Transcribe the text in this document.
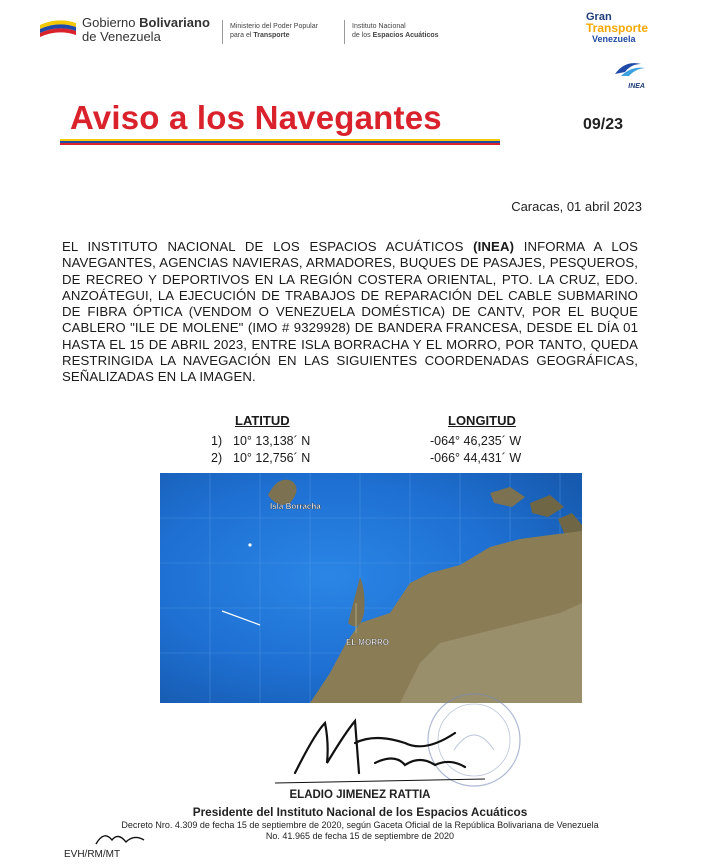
Gobierno Bolivariano
de Venezuela
Ministerio del Poder Popular
para el Transporte
Instituto Nacional
de los Espacios Acuáticos
Gran
Transporte
Venezuela
INEA
Aviso a los Navegantes	09/23
Caracas, 01 abril 2023
EL INSTITUTO NACIONAL DE LOS ESPACIOS ACUÁTICOS (INEA) INFORMA A LOS NAVEGANTES, AGENCIAS NAVIERAS, ARMADORES, BUQUES DE PASAJES, PESQUEROS, DE RECREO Y DEPORTIVOS EN LA REGIÓN COSTERA ORIENTAL, PTO. LA CRUZ, EDO. ANZOÁTEGUI, LA EJECUCIÓN DE TRABAJOS DE REPARACIÓN DEL CABLE SUBMARINO DE FIBRA ÓPTICA (VENDOM O VENEZUELA DOMÉSTICA) DE CANTV, POR EL BUQUE CABLERO "ILE DE MOLENE" (IMO # 9329928) DE BANDERA FRANCESA, DESDE EL DÍA 01 HASTA EL 15 DE ABRIL 2023, ENTRE ISLA BORRACHA Y EL MORRO, POR TANTO, QUEDA RESTRINGIDA LA NAVEGACIÓN EN LAS SIGUIENTES COORDENADAS GEOGRÁFICAS, SEÑALIZADAS EN LA IMAGEN.
LATITUD	LONGITUD
1) 10° 13,138´ N	-064° 46,235´ W
2) 10° 12,756´ N	-066° 44,431´ W
Isla Borracha
EL MORRO
ELADIO JIMENEZ RATTIA
Presidente del Instituto Nacional de los Espacios Acuáticos
Decreto Nro. 4.309 de fecha 15 de septiembre de 2020, según Gaceta Oficial de la República Bolivariana de Venezuela
No. 41.965 de fecha 15 de septiembre de 2020
EVH/RM/MT
